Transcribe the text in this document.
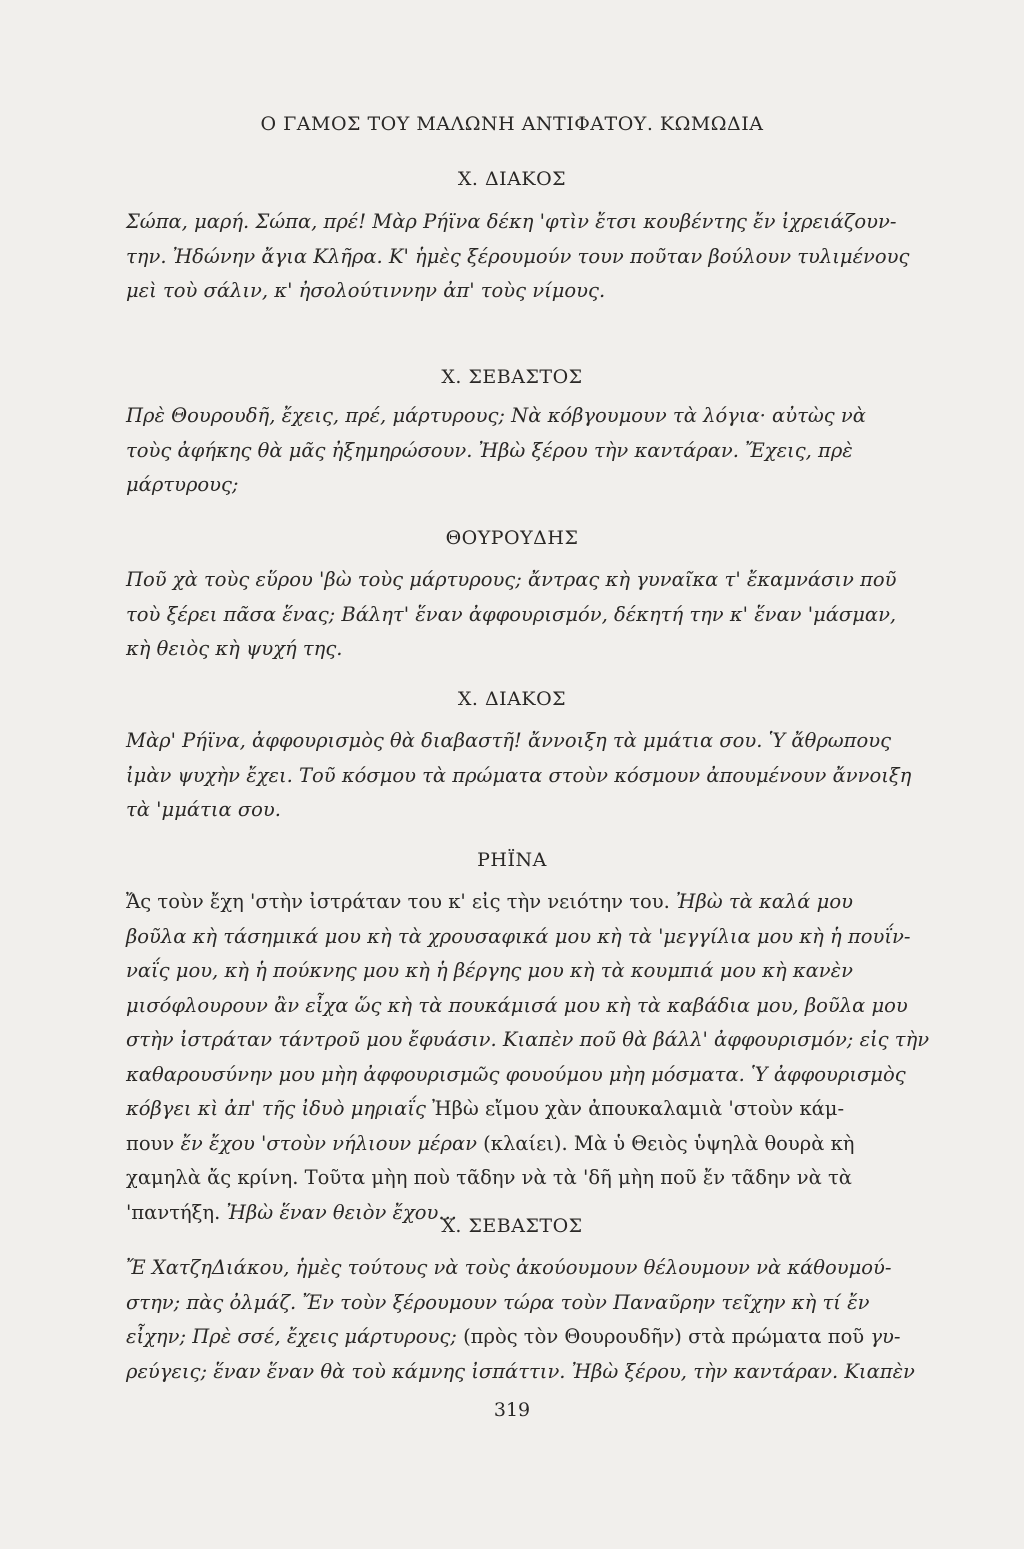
Ο ΓΑΜΟΣ ΤΟΥ ΜΑΛΩΝΗ ΑΝΤΙΦΑΤΟΥ. ΚΩΜΩΔΙΑ
Χ. ΔΙΑΚΟΣ
Σώπα, μαρή. Σώπα, πρέ! Μὰρ Ρήϊνα δέκη 'φτὶν ἔτσι κουβέντης ἔν ἰχρειάζουν-
την. Ἠδώνην ἄγια Κλῆρα. Κ' ἡμὲς ξέρουμούν τουν ποῦταν βούλουν τυλιμένους
μεὶ τοὺ σάλιν, κ' ἠσολούτιννην ἀπ' τοὺς νίμους.
Χ. ΣΕΒΑΣΤΟΣ
Πρὲ Θουρουδῆ, ἔχεις, πρέ, μάρτυρους; Νὰ κόβγουμουν τὰ λόγια· αὐτὼς νὰ
τοὺς ἀφήκης θὰ μᾶς ἠξημηρώσουν. Ἠβὼ ξέρου τὴν καντάραν. Ἔχεις, πρὲ
μάρτυρους;
ΘΟΥΡΟΥΔΗΣ
Ποῦ χὰ τοὺς εὕρου 'βὼ τοὺς μάρτυρους; ἄντρας κὴ γυναῖκα τ' ἔκαμνάσιν ποῦ
τοὺ ξέρει πᾶσα ἕνας; Βάλητ' ἕναν ἀφφουρισμόν, δέκητή την κ' ἕναν 'μάσμαν,
κὴ θειὸς κὴ ψυχή της.
Χ. ΔΙΑΚΟΣ
Μὰρ' Ρήϊνα, ἀφφουρισμὸς θὰ διαβαστῆ! ἄννοιξη τὰ μμάτια σου. Ὑ ἄθρωπους
ἰμὰν ψυχὴν ἔχει. Τοῦ κόσμου τὰ πρώματα στοὺν κόσμουν ἀπουμένουν ἄννοιξη
τὰ 'μμάτια σου.
ΡΗΪΝΑ
Ἄς τοὺν ἔχη 'στὴν ἰστράταν του κ' εἰς τὴν νειότην του. Ἠβὼ τὰ καλά μου
βοῦλα κὴ τάσημικά μου κὴ τὰ χρουσαφικά μου κὴ τὰ 'μεγγίλια μου κὴ ἡ πουΐν-
ναΐς μου, κὴ ἡ πούκνης μου κὴ ἡ βέργης μου κὴ τὰ κουμπιά μου κὴ κανὲν
μισόφλουρουν ἂν εἶχα ὥς κὴ τὰ πουκάμισά μου κὴ τὰ καβάδια μου, βοῦλα μου
στὴν ἰστράταν τάντροῦ μου ἔφυάσιν. Κιαπὲν ποῦ θὰ βάλλ' ἀφφουρισμόν; εἰς τὴν
καθαρουσύνην μου μὴη ἀφφουρισμῶς φουούμου μὴη μόσματα. Ὑ ἀφφουρισμὸς
κόβγει κὶ ἀπ' τῆς ἰδυὸ μηριαΐς Ἠβὼ εἴμου χὰν ἀπουκαλαμιὰ 'στοὺν κάμ-
πουν ἔν ἔχου 'στοὺν νήλιουν μέραν (κλαίει). Μὰ ὑ Θειὸς ὑψηλὰ θουρὰ κὴ
χαμηλὰ ἄς κρίνη. Τοῦτα μὴη ποὺ τᾶδην νὰ τὰ 'δῆ μὴη ποῦ ἔν τᾶδην νὰ τὰ
'παντήξη. Ἠβὼ ἕναν θειὸν ἔχου...
Χ. ΣΕΒΑΣΤΟΣ
Ἔ ΧατζηΔιάκου, ἡμὲς τούτους νὰ τοὺς ἀκούουμουν θέλουμουν νὰ κάθουμού-
στην; πὰς ὀλμάζ. Ἔν τοὺν ξέρουμουν τώρα τοὺν Παναῦρην τεῖχην κὴ τί ἔν
εἶχην; Πρὲ σσέ, ἔχεις μάρτυρους; (πρὸς τὸν Θουρουδῆν) στὰ πρώματα ποῦ γυ-
ρεύγεις; ἕναν ἕναν θὰ τοὺ κάμνης ἰσπάττιν. Ἠβὼ ξέρου, τὴν καντάραν. Κιαπὲν
319
